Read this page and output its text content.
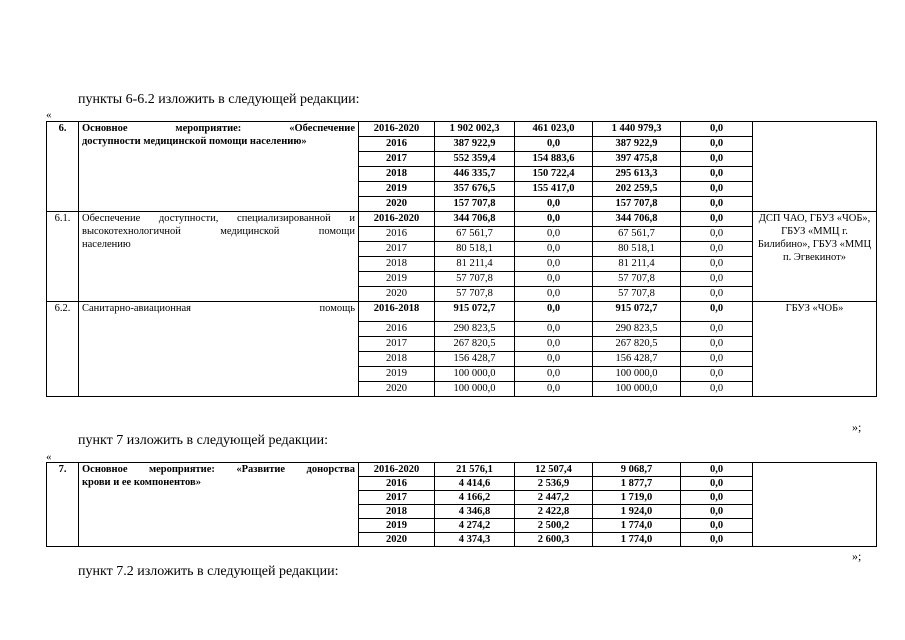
пункты 6-6.2 изложить в следующей редакции:
«
6.	Основное мероприятие: «Обеспечение
доступности медицинской помощи населению»	2016-2020	1 902 002,3	461 023,0	1 440 979,3	0,0	
		2016	387 922,9	0,0	387 922,9	0,0	
		2017	552 359,4	154 883,6	397 475,8	0,0	
		2018	446 335,7	150 722,4	295 613,3	0,0	
		2019	357 676,5	155 417,0	202 259,5	0,0	
		2020	157 707,8	0,0	157 707,8	0,0	
6.1.	Обеспечение доступности, специализированной и
высокотехнологичной медицинской помощи
населению	2016-2020	344 706,8	0,0	344 706,8	0,0	ДСП ЧАО, ГБУЗ «ЧОБ», ГБУЗ «ММЦ г. Билибино», ГБУЗ «ММЦ п. Эгвекинот»
		2016	67 561,7	0,0	67 561,7	0,0	
		2017	80 518,1	0,0	80 518,1	0,0	
		2018	81 211,4	0,0	81 211,4	0,0	
		2019	57 707,8	0,0	57 707,8	0,0	
		2020	57 707,8	0,0	57 707,8	0,0	
6.2.	Санитарно-авиационная помощь	2016-2018	915 072,7	0,0	915 072,7	0,0	ГБУЗ «ЧОБ»
		2016	290 823,5	0,0	290 823,5	0,0	
		2017	267 820,5	0,0	267 820,5	0,0	
		2018	156 428,7	0,0	156 428,7	0,0	
		2019	100 000,0	0,0	100 000,0	0,0	
		2020	100 000,0	0,0	100 000,0	0,0	
»;
пункт 7 изложить в следующей редакции:
«
7.	Основное мероприятие: «Развитие донорства
крови и ее компонентов»	2016-2020	21 576,1	12 507,4	9 068,7	0,0	
		2016	4 414,6	2 536,9	1 877,7	0,0	
		2017	4 166,2	2 447,2	1 719,0	0,0	
		2018	4 346,8	2 422,8	1 924,0	0,0	
		2019	4 274,2	2 500,2	1 774,0	0,0	
		2020	4 374,3	2 600,3	1 774,0	0,0	
»;
пункт 7.2 изложить в следующей редакции:
